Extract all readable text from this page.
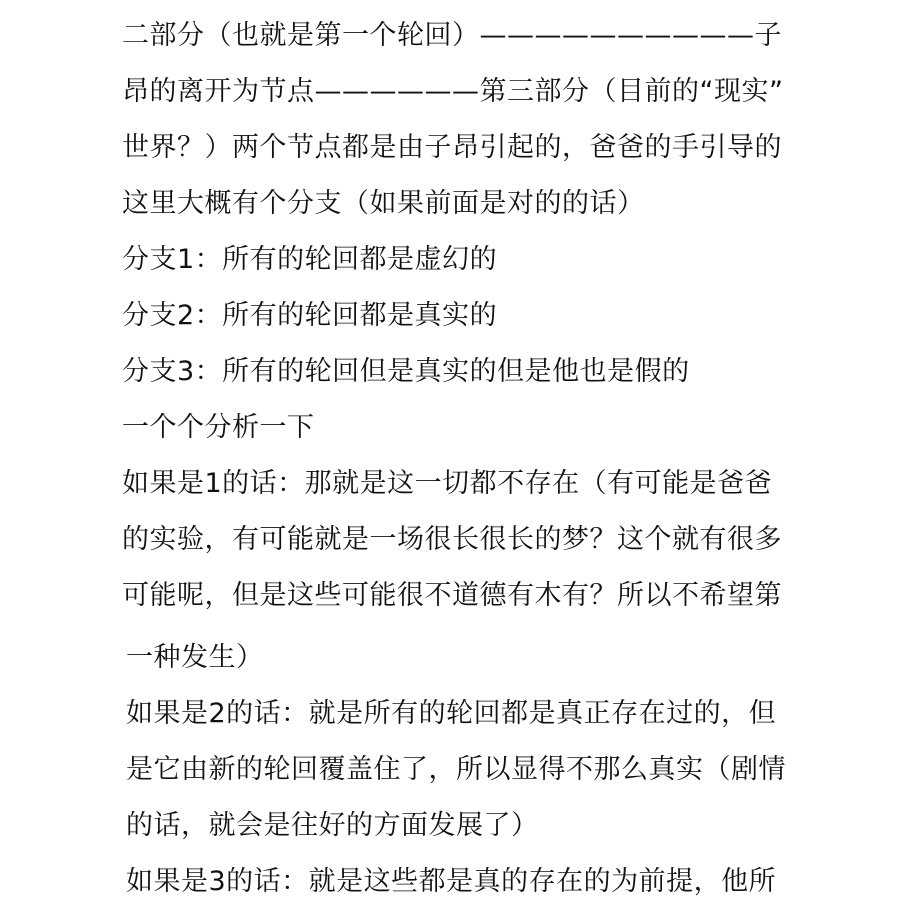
二部分（也就是第一个轮回）——————————子
昂的离开为节点——————第三部分（目前的“现实”
世界？）两个节点都是由子昂引起的，爸爸的手引导的
这里大概有个分支（如果前面是对的的话）
分支1：所有的轮回都是虚幻的
分支2：所有的轮回都是真实的
分支3：所有的轮回但是真实的但是他也是假的
一个个分析一下
如果是1的话：那就是这一切都不存在（有可能是爸爸
的实验，有可能就是一场很长很长的梦？这个就有很多
可能呢，但是这些可能很不道德有木有？所以不希望第
一种发生）
如果是2的话：就是所有的轮回都是真正存在过的，但
是它由新的轮回覆盖住了，所以显得不那么真实（剧情
的话，就会是往好的方面发展了）
如果是3的话：就是这些都是真的存在的为前提，他所
